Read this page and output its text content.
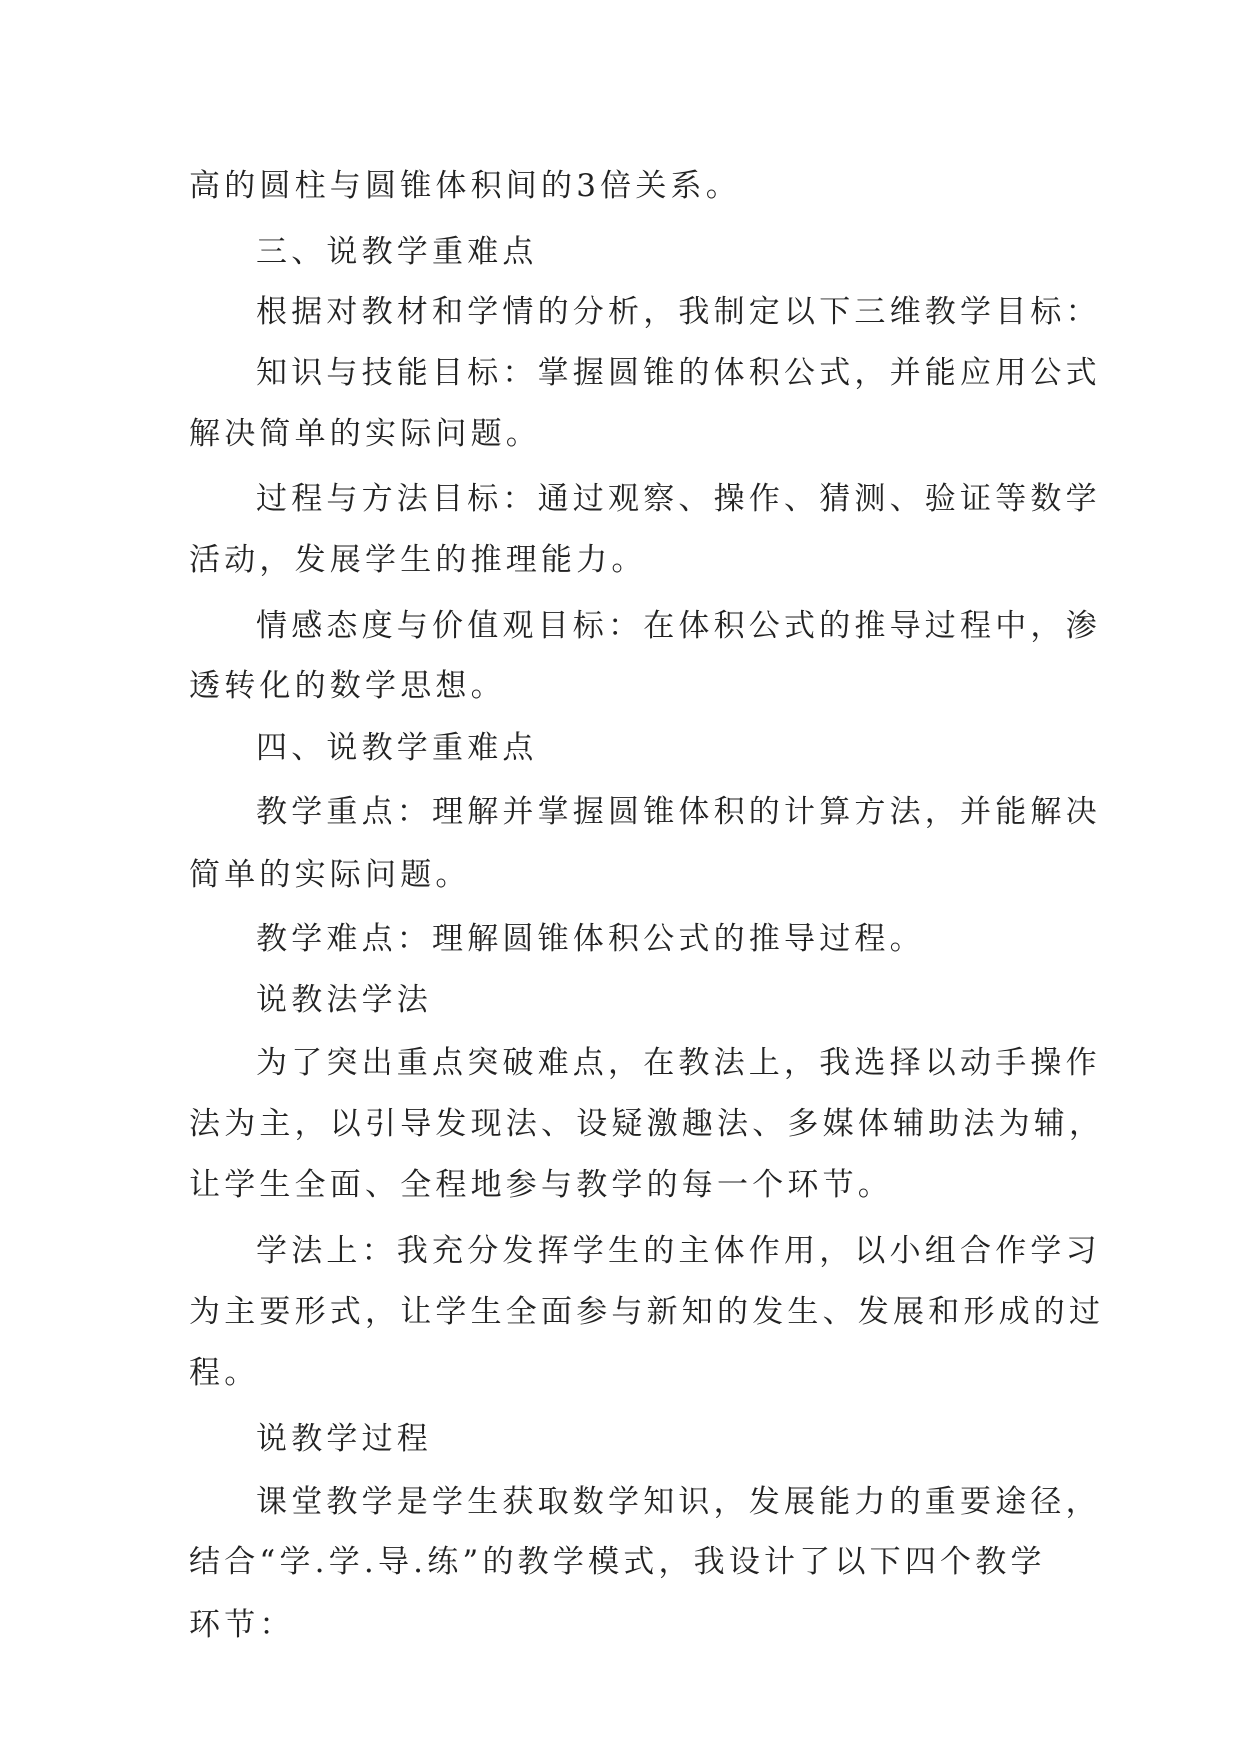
高的圆柱与圆锥体积间的3倍关系。
三、说教学重难点
根据对教材和学情的分析，我制定以下三维教学目标：
知识与技能目标：掌握圆锥的体积公式，并能应用公式
解决简单的实际问题。
过程与方法目标：通过观察、操作、猜测、验证等数学
活动，发展学生的推理能力。
情感态度与价值观目标：在体积公式的推导过程中，渗
透转化的数学思想。
四、说教学重难点
教学重点：理解并掌握圆锥体积的计算方法，并能解决
简单的实际问题。
教学难点：理解圆锥体积公式的推导过程。
说教法学法
为了突出重点突破难点，在教法上，我选择以动手操作
法为主，以引导发现法、设疑激趣法、多媒体辅助法为辅，
让学生全面、全程地参与教学的每一个环节。
学法上：我充分发挥学生的主体作用，以小组合作学习
为主要形式，让学生全面参与新知的发生、发展和形成的过
程。
说教学过程
课堂教学是学生获取数学知识，发展能力的重要途径，
结合“学.学.导.练”的教学模式，我设计了以下四个教学
环节：
